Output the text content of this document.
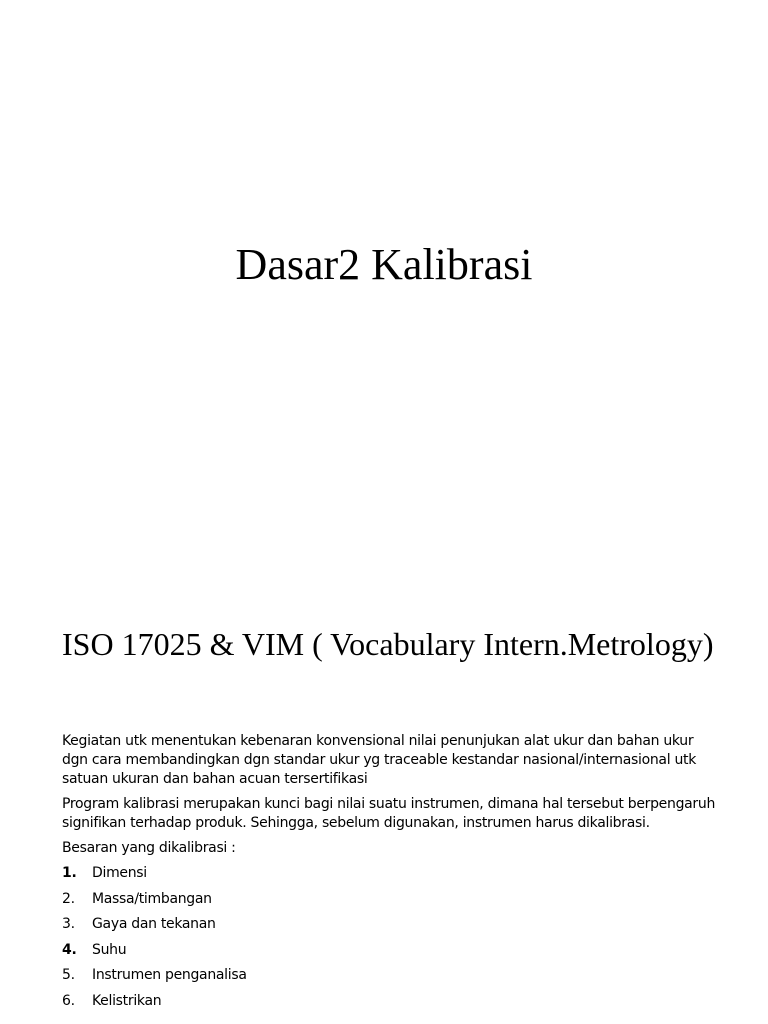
Dasar2 Kalibrasi
ISO 17025 & VIM ( Vocabulary Intern.Metrology)

Kegiatan utk menentukan kebenaran konvensional nilai penunjukan alat ukur dan bahan ukur dgn cara membandingkan dgn standar ukur yg traceable kestandar nasional/internasional utk satuan ukuran dan bahan acuan tersertifikasi

Program kalibrasi merupakan kunci bagi nilai suatu instrumen, dimana hal tersebut berpengaruh signifikan terhadap produk. Sehingga, sebelum digunakan, instrumen harus dikalibrasi.

Besaran yang dikalibrasi :

1.	Dimensi
2.	Massa/timbangan
3.	Gaya dan tekanan
4.	Suhu
5.	Instrumen penganalisa
6.	Kelistrikan
